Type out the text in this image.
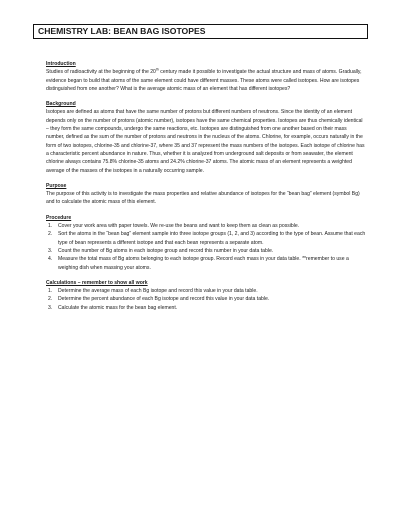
CHEMISTRY LAB: BEAN BAG ISOTOPES

Introduction

Studies of radioactivity at the beginning of the 20th century made it possible to investigate the actual structure and mass of atoms. Gradually, evidence began to build that atoms of the same element could have different masses. These atoms were called isotopes. How are isotopes distinguished from one another? What is the average atomic mass of an element that has different isotopes?

Background

Isotopes are defined as atoms that have the same number of protons but different numbers of neutrons. Since the identity of an element depends only on the number of protons (atomic number), isotopes have the same chemical properties. Isotopes are thus chemically identical – they form the same compounds, undergo the same reactions, etc. Isotopes are distinguished from one another based on their mass number, defined as the sum of the number of protons and neutrons in the nucleus of the atoms. Chlorine, for example, occurs naturally in the form of two isotopes, chlorine-35 and chlorine-37, where 35 and 37 represent the mass numbers of the isotopes. Each isotope of chlorine has a characteristic percent abundance in nature. Thus, whether it is analyzed from underground salt deposits or from seawater, the element chlorine always contains 75.8% chlorine-35 atoms and 24.2% chlorine-37 atoms. The atomic mass of an element represents a weighted average of the masses of the isotopes in a naturally occurring sample.

Purpose

The purpose of this activity is to investigate the mass properties and relative abundance of isotopes for the “bean bag” element (symbol Bg) and to calculate the atomic mass of this element.

Procedure

1. Cover your work area with paper towels. We re-use the beans and want to keep them as clean as possible.
2. Sort the atoms in the “bean bag” element sample into three isotope groups (1, 2, and 3) according to the type of bean. Assume that each type of bean represents a different isotope and that each bean represents a separate atom.
3. Count the number of Bg atoms in each isotope group and record this number in your data table.
4. Measure the total mass of Bg atoms belonging to each isotope group. Record each mass in your data table. **remember to use a weighing dish when massing your atoms.

Calculations – remember to show all work

1. Determine the average mass of each Bg isotope and record this value in your data table.
2. Determine the percent abundance of each Bg isotope and record this value in your data table.
3. Calculate the atomic mass for the bean bag element.
